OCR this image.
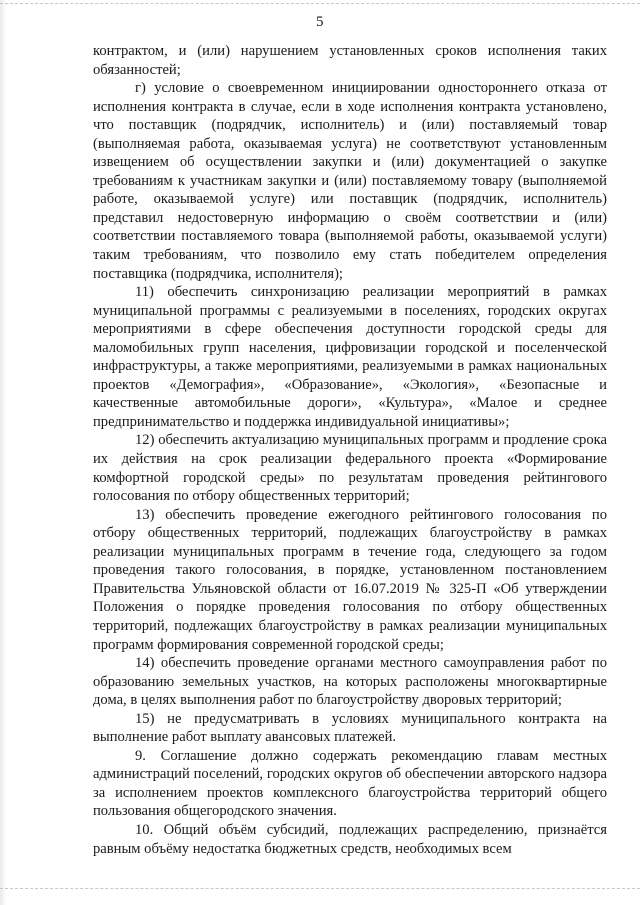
5

контрактом, и (или) нарушением установленных сроков исполнения таких обязанностей;

г) условие о своевременном инициировании одностороннего отказа от исполнения контракта в случае, если в ходе исполнения контракта установлено, что поставщик (подрядчик, исполнитель) и (или) поставляемый товар (выполняемая работа, оказываемая услуга) не соответствуют установленным извещением об осуществлении закупки и (или) документацией о закупке требованиям к участникам закупки и (или) поставляемому товару (выполняемой работе, оказываемой услуге) или поставщик (подрядчик, исполнитель) представил недостоверную информацию о своём соответствии и (или) соответствии поставляемого товара (выполняемой работы, оказываемой услуги) таким требованиям, что позволило ему стать победителем определения поставщика (подрядчика, исполнителя);

11) обеспечить синхронизацию реализации мероприятий в рамках муниципальной программы с реализуемыми в поселениях, городских округах мероприятиями в сфере обеспечения доступности городской среды для маломобильных групп населения, цифровизации городской и поселенческой инфраструктуры, а также мероприятиями, реализуемыми в рамках национальных проектов «Демография», «Образование», «Экология», «Безопасные и качественные автомобильные дороги», «Культура», «Малое и среднее предпринимательство и поддержка индивидуальной инициативы»;

12) обеспечить актуализацию муниципальных программ и продление срока их действия на срок реализации федерального проекта «Формирование комфортной городской среды» по результатам проведения рейтингового голосования по отбору общественных территорий;

13) обеспечить проведение ежегодного рейтингового голосования по отбору общественных территорий, подлежащих благоустройству в рамках реализации муниципальных программ в течение года, следующего за годом проведения такого голосования, в порядке, установленном постановлением Правительства Ульяновской области от 16.07.2019 № 325-П «Об утверждении Положения о порядке проведения голосования по отбору общественных территорий, подлежащих благоустройству в рамках реализации муниципальных программ формирования современной городской среды;

14) обеспечить проведение органами местного самоуправления работ по образованию земельных участков, на которых расположены многоквартирные дома, в целях выполнения работ по благоустройству дворовых территорий;

15) не предусматривать в условиях муниципального контракта на выполнение работ выплату авансовых платежей.

9. Соглашение должно содержать рекомендацию главам местных администраций поселений, городских округов об обеспечении авторского надзора за исполнением проектов комплексного благоустройства территорий общего пользования общегородского значения.

10. Общий объём субсидий, подлежащих распределению, признаётся равным объёму недостатка бюджетных средств, необходимых всем
